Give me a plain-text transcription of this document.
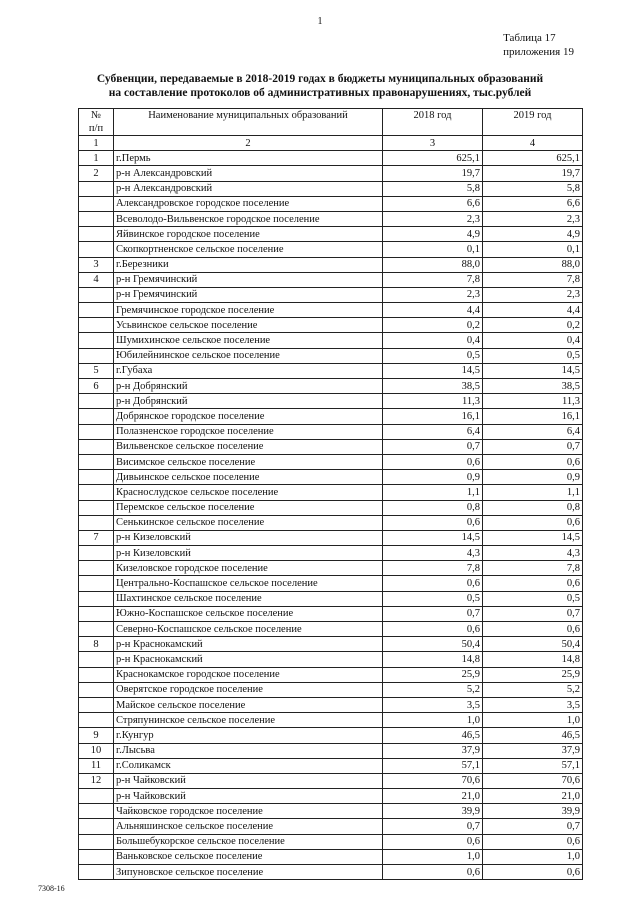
1
Таблица 17
приложения 19
Субвенции, передаваемые в 2018-2019 годах в бюджеты муниципальных образований
на составление протоколов об административных правонарушениях, тыс.рублей
№
п/п	Наименование муниципальных образований	2018 год	2019 год
1	2	3	4
1	г.Пермь	625,1	625,1
2	р-н Александровский	19,7	19,7
	р-н Александровский	5,8	5,8
	Александровское городское поселение	6,6	6,6
	Всеволодо-Вильвенское городское поселение	2,3	2,3
	Яйвинское городское поселение	4,9	4,9
	Скопкортненское сельское поселение	0,1	0,1
3	г.Березники	88,0	88,0
4	р-н Гремячинский	7,8	7,8
	р-н Гремячинский	2,3	2,3
	Гремячинское городское поселение	4,4	4,4
	Усьвинское сельское поселение	0,2	0,2
	Шумихинское сельское поселение	0,4	0,4
	Юбилейнинское сельское поселение	0,5	0,5
5	г.Губаха	14,5	14,5
6	р-н Добрянский	38,5	38,5
	р-н Добрянский	11,3	11,3
	Добрянское городское поселение	16,1	16,1
	Полазненское городское поселение	6,4	6,4
	Вильвенское сельское поселение	0,7	0,7
	Висимское сельское поселение	0,6	0,6
	Дивьинское сельское поселение	0,9	0,9
	Краснослудское сельское поселение	1,1	1,1
	Перемское сельское поселение	0,8	0,8
	Сенькинское сельское поселение	0,6	0,6
7	р-н Кизеловский	14,5	14,5
	р-н Кизеловский	4,3	4,3
	Кизеловское городское поселение	7,8	7,8
	Центрально-Коспашское сельское поселение	0,6	0,6
	Шахтинское сельское поселение	0,5	0,5
	Южно-Коспашское сельское поселение	0,7	0,7
	Северно-Коспашское сельское поселение	0,6	0,6
8	р-н Краснокамский	50,4	50,4
	р-н Краснокамский	14,8	14,8
	Краснокамское городское поселение	25,9	25,9
	Оверятское городское поселение	5,2	5,2
	Майское сельское поселение	3,5	3,5
	Стряпунинское сельское поселение	1,0	1,0
9	г.Кунгур	46,5	46,5
10	г.Лысьва	37,9	37,9
11	г.Соликамск	57,1	57,1
12	р-н Чайковский	70,6	70,6
	р-н Чайковский	21,0	21,0
	Чайковское городское поселение	39,9	39,9
	Альняшинское сельское поселение	0,7	0,7
	Большебукорское сельское поселение	0,6	0,6
	Ваньковское сельское поселение	1,0	1,0
	Зипуновское сельское поселение	0,6	0,6
7308-16
